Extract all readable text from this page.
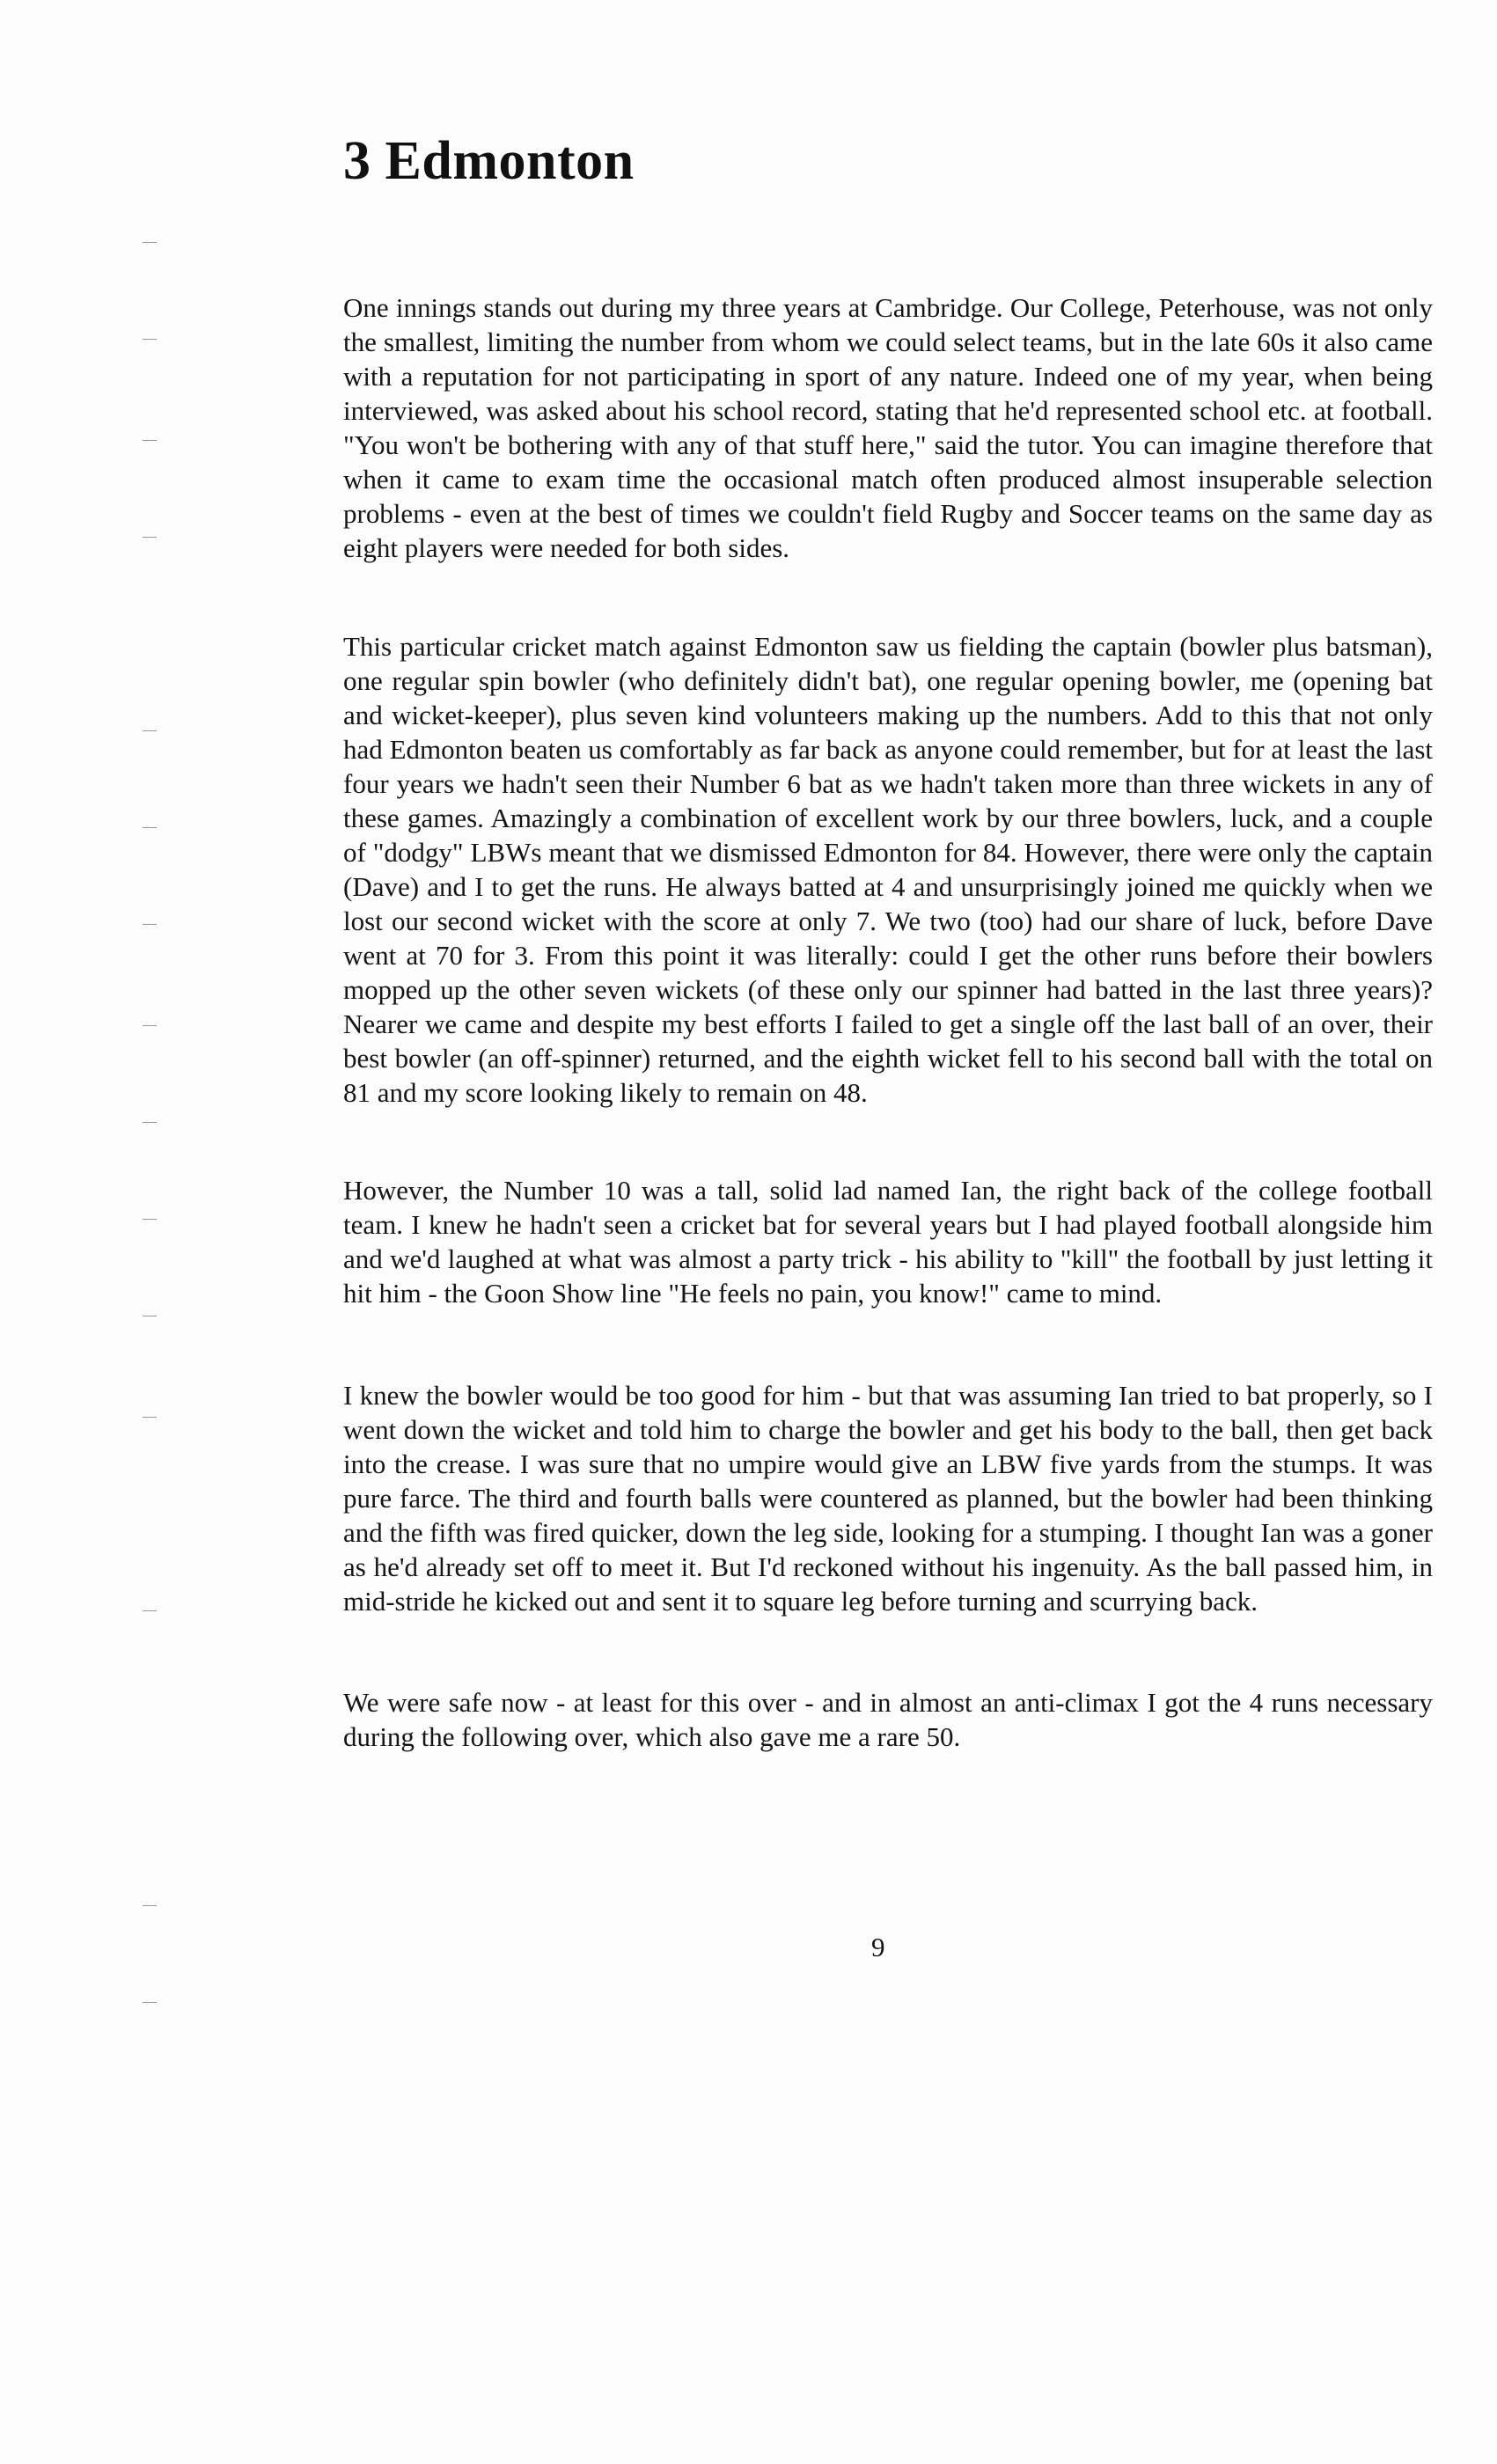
3 Edmonton

One innings stands out during my three years at Cambridge. Our College, Peterhouse, was not only the smallest, limiting the number from whom we could select teams, but in the late 60s it also came with a reputation for not participating in sport of any nature. Indeed one of my year, when being interviewed, was asked about his school record, stating that he'd represented school etc. at football. "You won't be bothering with any of that stuff here," said the tutor. You can imagine therefore that when it came to exam time the occasional match often produced almost insuperable selection problems - even at the best of times we couldn't field Rugby and Soccer teams on the same day as eight players were needed for both sides.

This particular cricket match against Edmonton saw us fielding the captain (bowler plus batsman), one regular spin bowler (who definitely didn't bat), one regular opening bowler, me (opening bat and wicket-keeper), plus seven kind volunteers making up the numbers. Add to this that not only had Edmonton beaten us comfortably as far back as anyone could remember, but for at least the last four years we hadn't seen their Number 6 bat as we hadn't taken more than three wickets in any of these games. Amazingly a combination of excellent work by our three bowlers, luck, and a couple of "dodgy" LBWs meant that we dismissed Edmonton for 84. However, there were only the captain (Dave) and I to get the runs. He always batted at 4 and unsurprisingly joined me quickly when we lost our second wicket with the score at only 7. We two (too) had our share of luck, before Dave went at 70 for 3. From this point it was literally: could I get the other runs before their bowlers mopped up the other seven wickets (of these only our spinner had batted in the last three years)? Nearer we came and despite my best efforts I failed to get a single off the last ball of an over, their best bowler (an off-spinner) returned, and the eighth wicket fell to his second ball with the total on 81 and my score looking likely to remain on 48.

However, the Number 10 was a tall, solid lad named Ian, the right back of the college football team. I knew he hadn't seen a cricket bat for several years but I had played football alongside him and we'd laughed at what was almost a party trick - his ability to "kill" the football by just letting it hit him - the Goon Show line "He feels no pain, you know!" came to mind.

I knew the bowler would be too good for him - but that was assuming Ian tried to bat properly, so I went down the wicket and told him to charge the bowler and get his body to the ball, then get back into the crease. I was sure that no umpire would give an LBW five yards from the stumps. It was pure farce. The third and fourth balls were countered as planned, but the bowler had been thinking and the fifth was fired quicker, down the leg side, looking for a stumping. I thought Ian was a goner as he'd already set off to meet it. But I'd reckoned without his ingenuity. As the ball passed him, in mid-stride he kicked out and sent it to square leg before turning and scurrying back.

We were safe now - at least for this over - and in almost an anti-climax I got the 4 runs necessary during the following over, which also gave me a rare 50.

9
